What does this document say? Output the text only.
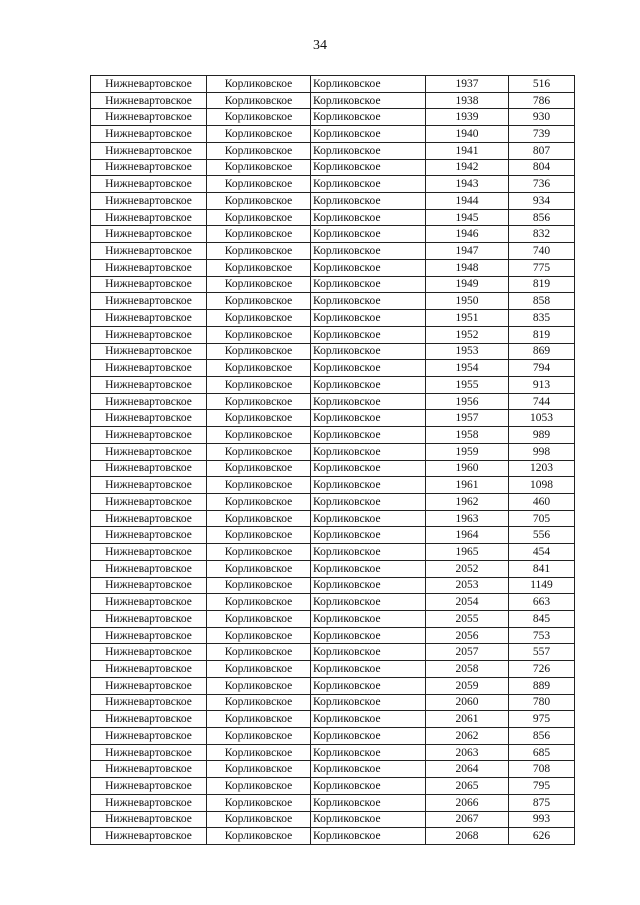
34
Нижневартовское	Корликовское	Корликовское	1937	516
Нижневартовское	Корликовское	Корликовское	1938	786
Нижневартовское	Корликовское	Корликовское	1939	930
Нижневартовское	Корликовское	Корликовское	1940	739
Нижневартовское	Корликовское	Корликовское	1941	807
Нижневартовское	Корликовское	Корликовское	1942	804
Нижневартовское	Корликовское	Корликовское	1943	736
Нижневартовское	Корликовское	Корликовское	1944	934
Нижневартовское	Корликовское	Корликовское	1945	856
Нижневартовское	Корликовское	Корликовское	1946	832
Нижневартовское	Корликовское	Корликовское	1947	740
Нижневартовское	Корликовское	Корликовское	1948	775
Нижневартовское	Корликовское	Корликовское	1949	819
Нижневартовское	Корликовское	Корликовское	1950	858
Нижневартовское	Корликовское	Корликовское	1951	835
Нижневартовское	Корликовское	Корликовское	1952	819
Нижневартовское	Корликовское	Корликовское	1953	869
Нижневартовское	Корликовское	Корликовское	1954	794
Нижневартовское	Корликовское	Корликовское	1955	913
Нижневартовское	Корликовское	Корликовское	1956	744
Нижневартовское	Корликовское	Корликовское	1957	1053
Нижневартовское	Корликовское	Корликовское	1958	989
Нижневартовское	Корликовское	Корликовское	1959	998
Нижневартовское	Корликовское	Корликовское	1960	1203
Нижневартовское	Корликовское	Корликовское	1961	1098
Нижневартовское	Корликовское	Корликовское	1962	460
Нижневартовское	Корликовское	Корликовское	1963	705
Нижневартовское	Корликовское	Корликовское	1964	556
Нижневартовское	Корликовское	Корликовское	1965	454
Нижневартовское	Корликовское	Корликовское	2052	841
Нижневартовское	Корликовское	Корликовское	2053	1149
Нижневартовское	Корликовское	Корликовское	2054	663
Нижневартовское	Корликовское	Корликовское	2055	845
Нижневартовское	Корликовское	Корликовское	2056	753
Нижневартовское	Корликовское	Корликовское	2057	557
Нижневартовское	Корликовское	Корликовское	2058	726
Нижневартовское	Корликовское	Корликовское	2059	889
Нижневартовское	Корликовское	Корликовское	2060	780
Нижневартовское	Корликовское	Корликовское	2061	975
Нижневартовское	Корликовское	Корликовское	2062	856
Нижневартовское	Корликовское	Корликовское	2063	685
Нижневартовское	Корликовское	Корликовское	2064	708
Нижневартовское	Корликовское	Корликовское	2065	795
Нижневартовское	Корликовское	Корликовское	2066	875
Нижневартовское	Корликовское	Корликовское	2067	993
Нижневартовское	Корликовское	Корликовское	2068	626
